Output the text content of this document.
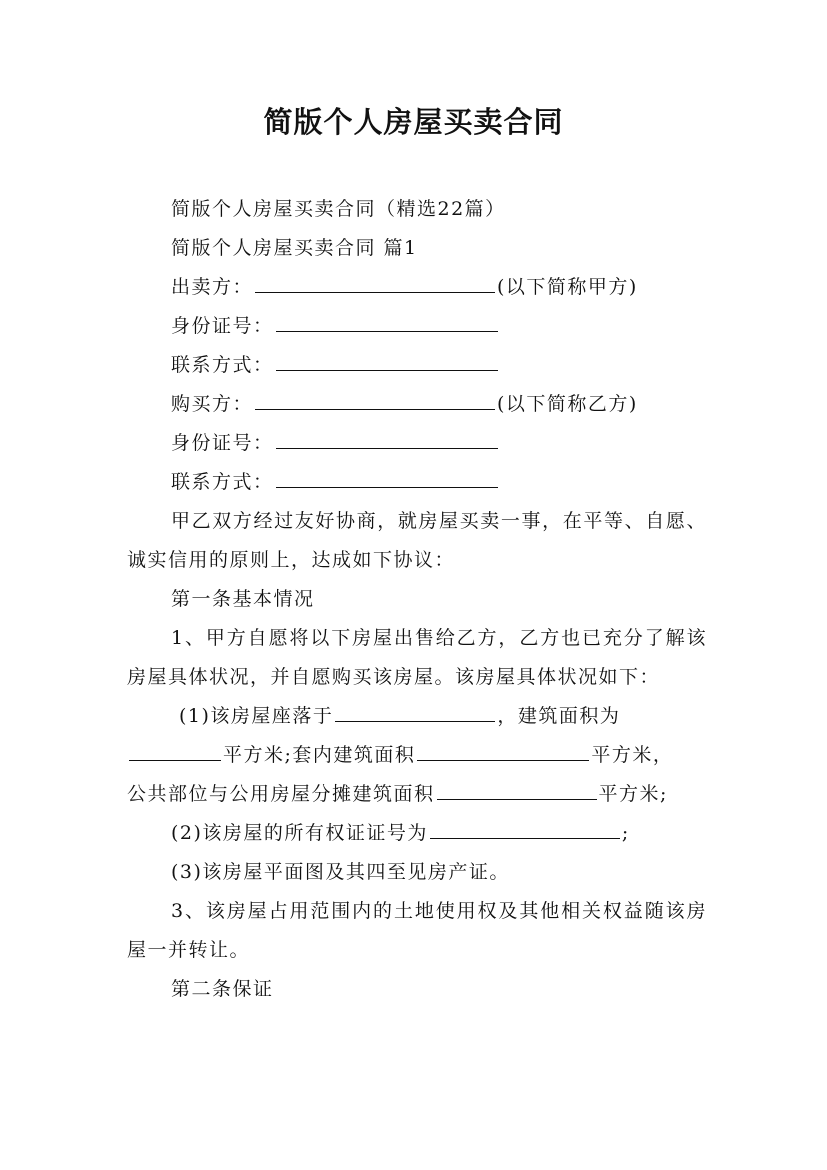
简版个人房屋买卖合同

简版个人房屋买卖合同（精选22篇）

简版个人房屋买卖合同 篇1

出卖方：	(以下简称甲方)

身份证号：

联系方式：

购买方：	(以下简称乙方)

身份证号：

联系方式：

甲乙双方经过友好协商，就房屋买卖一事，在平等、自愿、诚实信用的原则上，达成如下协议：

第一条基本情况

1、甲方自愿将以下房屋出售给乙方，乙方也已充分了解该房屋具体状况，并自愿购买该房屋。该房屋具体状况如下：

(1)该房屋座落于	，建筑面积为

平方米;套内建筑面积	平方米，

公共部位与公用房屋分摊建筑面积	平方米;

(2)该房屋的所有权证证号为	;

(3)该房屋平面图及其四至见房产证。

3、该房屋占用范围内的土地使用权及其他相关权益随该房屋一并转让。

第二条保证
